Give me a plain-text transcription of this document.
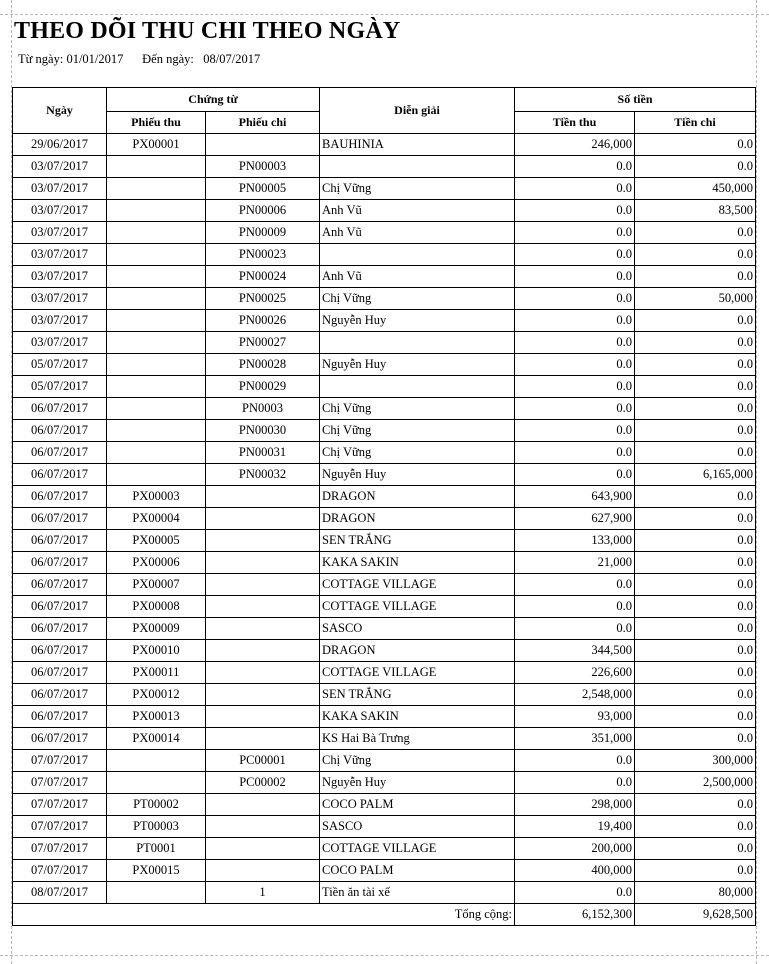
THEO DÕI THU CHI THEO NGÀY
Từ ngày: 01/01/2017 Đến ngày: 08/07/2017
Ngày	Chứng từ		Diễn giải	Số tiền	
	Phiếu thu	Phiếu chi		Tiền thu	Tiền chi
29/06/2017	PX00001		BAUHINIA	246,000	0.0
03/07/2017		PN00003		0.0	0.0
03/07/2017		PN00005	Chị Vững	0.0	450,000
03/07/2017		PN00006	Anh Vũ	0.0	83,500
03/07/2017		PN00009	Anh Vũ	0.0	0.0
03/07/2017		PN00023		0.0	0.0
03/07/2017		PN00024	Anh Vũ	0.0	0.0
03/07/2017		PN00025	Chị Vững	0.0	50,000
03/07/2017		PN00026	Nguyễn Huy	0.0	0.0
03/07/2017		PN00027		0.0	0.0
05/07/2017		PN00028	Nguyễn Huy	0.0	0.0
05/07/2017		PN00029		0.0	0.0
06/07/2017		PN0003	Chị Vững	0.0	0.0
06/07/2017		PN00030	Chị Vững	0.0	0.0
06/07/2017		PN00031	Chị Vững	0.0	0.0
06/07/2017		PN00032	Nguyễn Huy	0.0	6,165,000
06/07/2017	PX00003		DRAGON	643,900	0.0
06/07/2017	PX00004		DRAGON	627,900	0.0
06/07/2017	PX00005		SEN TRẮNG	133,000	0.0
06/07/2017	PX00006		KAKA SAKIN	21,000	0.0
06/07/2017	PX00007		COTTAGE VILLAGE	0.0	0.0
06/07/2017	PX00008		COTTAGE VILLAGE	0.0	0.0
06/07/2017	PX00009		SASCO	0.0	0.0
06/07/2017	PX00010		DRAGON	344,500	0.0
06/07/2017	PX00011		COTTAGE VILLAGE	226,600	0.0
06/07/2017	PX00012		SEN TRẮNG	2,548,000	0.0
06/07/2017	PX00013		KAKA SAKIN	93,000	0.0
06/07/2017	PX00014		KS Hai Bà Trưng	351,000	0.0
07/07/2017		PC00001	Chị Vững	0.0	300,000
07/07/2017		PC00002	Nguyễn Huy	0.0	2,500,000
07/07/2017	PT00002		COCO PALM	298,000	0.0
07/07/2017	PT00003		SASCO	19,400	0.0
07/07/2017	PT0001		COTTAGE VILLAGE	200,000	0.0
07/07/2017	PX00015		COCO PALM	400,000	0.0
08/07/2017		1	Tiền ăn tài xế	0.0	80,000
Tổng cộng:				6,152,300	9,628,500
